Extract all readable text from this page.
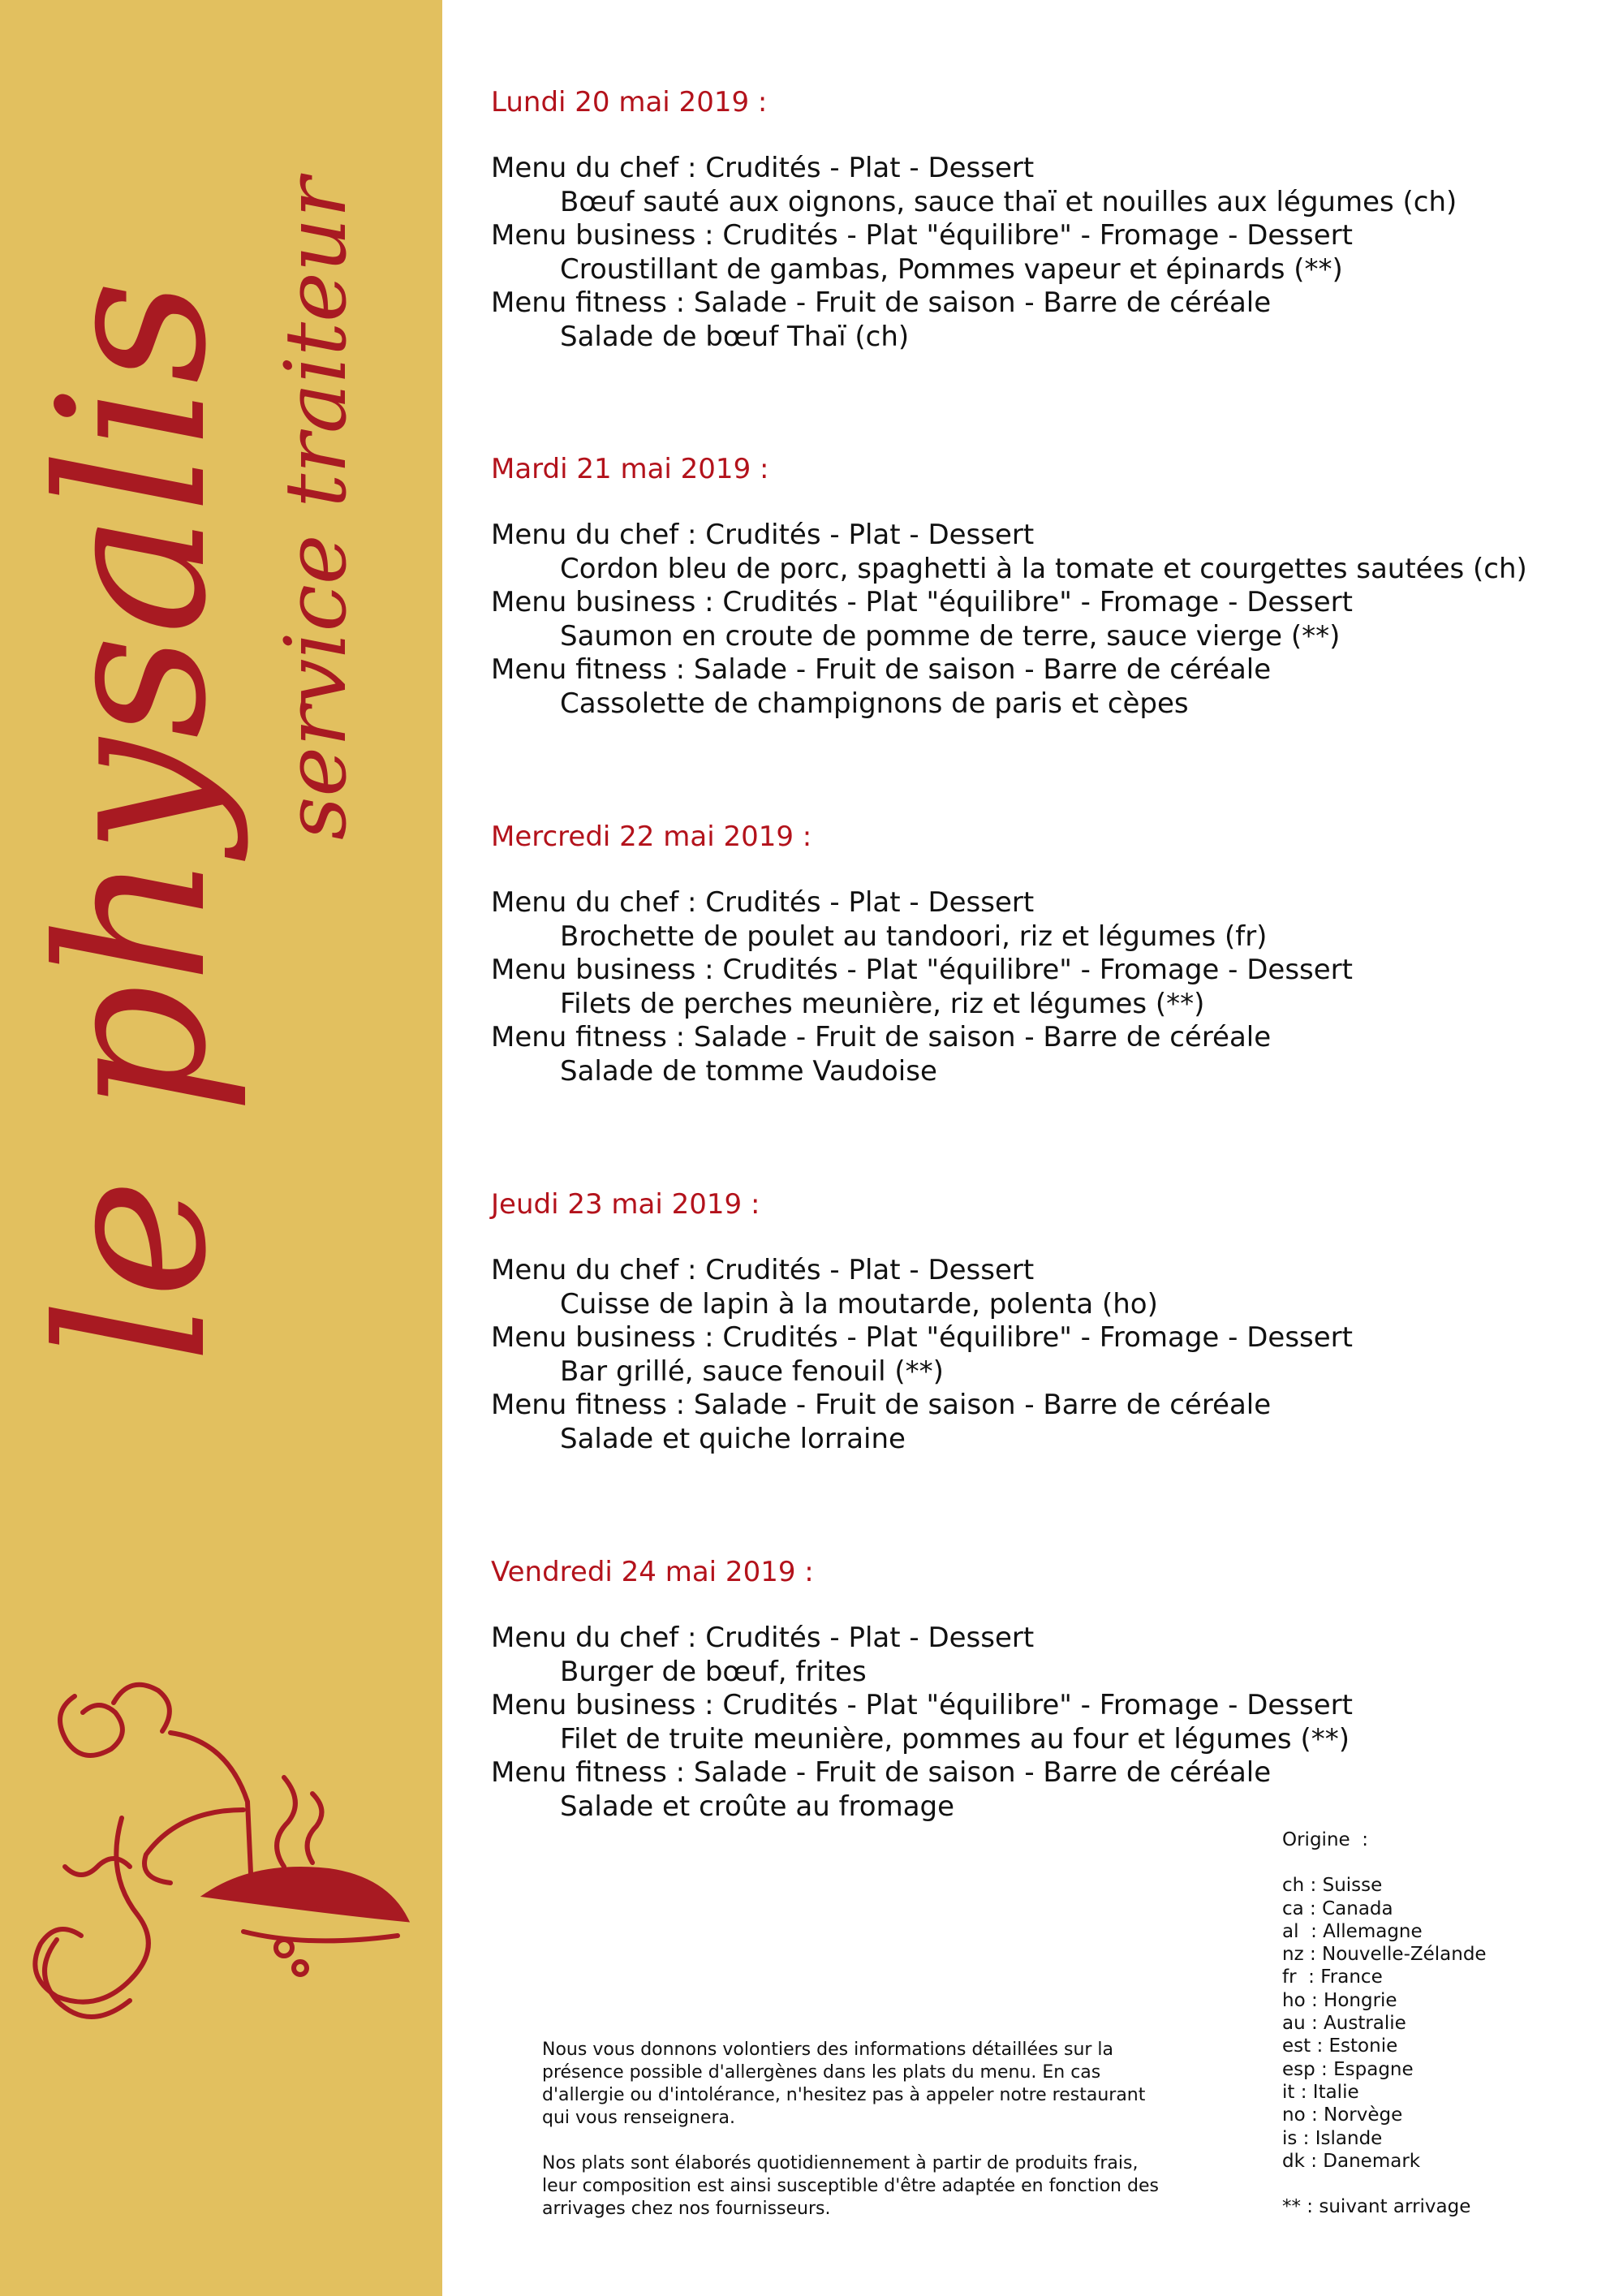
le physalis service traiteur
Lundi 20 mai 2019 :
Menu du chef : Crudités - Plat - Dessert
Bœuf sauté aux oignons, sauce thaï et nouilles aux légumes (ch)
Menu business : Crudités - Plat "équilibre" - Fromage - Dessert
Croustillant de gambas, Pommes vapeur et épinards (**)
Menu fitness : Salade - Fruit de saison - Barre de céréale
Salade de bœuf Thaï (ch)
Mardi 21 mai 2019 :
Menu du chef : Crudités - Plat - Dessert
Cordon bleu de porc, spaghetti à la tomate et courgettes sautées (ch)
Menu business : Crudités - Plat "équilibre" - Fromage - Dessert
Saumon en croute de pomme de terre, sauce vierge (**)
Menu fitness : Salade - Fruit de saison - Barre de céréale
Cassolette de champignons de paris et cèpes
Mercredi 22 mai 2019 :
Menu du chef : Crudités - Plat - Dessert
Brochette de poulet au tandoori, riz et légumes (fr)
Menu business : Crudités - Plat "équilibre" - Fromage - Dessert
Filets de perches meunière, riz et légumes (**)
Menu fitness : Salade - Fruit de saison - Barre de céréale
Salade de tomme Vaudoise
Jeudi 23 mai 2019 :
Menu du chef : Crudités - Plat - Dessert
Cuisse de lapin à la moutarde, polenta (ho)
Menu business : Crudités - Plat "équilibre" - Fromage - Dessert
Bar grillé, sauce fenouil (**)
Menu fitness : Salade - Fruit de saison - Barre de céréale
Salade et quiche lorraine
Vendredi 24 mai 2019 :
Menu du chef : Crudités - Plat - Dessert
Burger de bœuf, frites
Menu business : Crudités - Plat "équilibre" - Fromage - Dessert
Filet de truite meunière, pommes au four et légumes (**)
Menu fitness : Salade - Fruit de saison - Barre de céréale
Salade et croûte au fromage

Nous vous donnons volontiers des informations détaillées sur la présence possible d'allergènes dans les plats du menu. En cas d'allergie ou d'intolérance, n'hesitez pas à appeler notre restaurant qui vous renseignera.

Nos plats sont élaborés quotidiennement à partir de produits frais, leur composition est ainsi susceptible d'être adaptée en fonction des arrivages chez nos fournisseurs.

Origine  :
ch : Suisse
ca : Canada
al  : Allemagne
nz : Nouvelle-Zélande
fr  : France
ho : Hongrie
au : Australie
est : Estonie
esp : Espagne
it : Italie
no : Norvège
is : Islande
dk : Danemark
** : suivant arrivage
